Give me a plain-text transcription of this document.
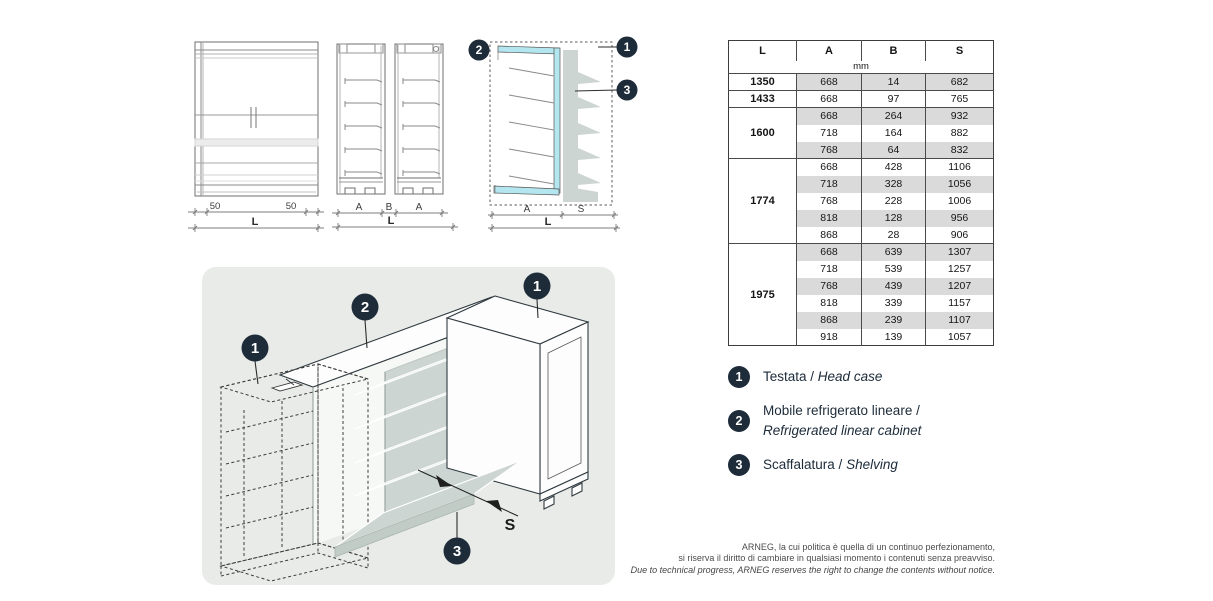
50	50
L
A B A
L
A	S
L
2	1
3
S
1
2
1
3
L	A	B	S
mm			
1350	668	14	682
1433	668	97	765
1600	668	264	932
	718	164	882
	768	64	832
1774	668	428	1106
	718	328	1056
	768	228	1006
	818	128	956
	868	28	906
1975	668	639	1307
	718	539	1257
	768	439	1207
	818	339	1157
	868	239	1107
	918	139	1057
1	Testata / Head case
2
Mobile refrigerato lineare /
Refrigerated linear cabinet
3	Scaffalatura / Shelving
ARNEG, la cui politica è quella di un continuo perfezionamento,
si riserva il diritto di cambiare in qualsiasi momento i contenuti senza preavviso.
Due to technical progress, ARNEG reserves the right to change the contents without notice.
